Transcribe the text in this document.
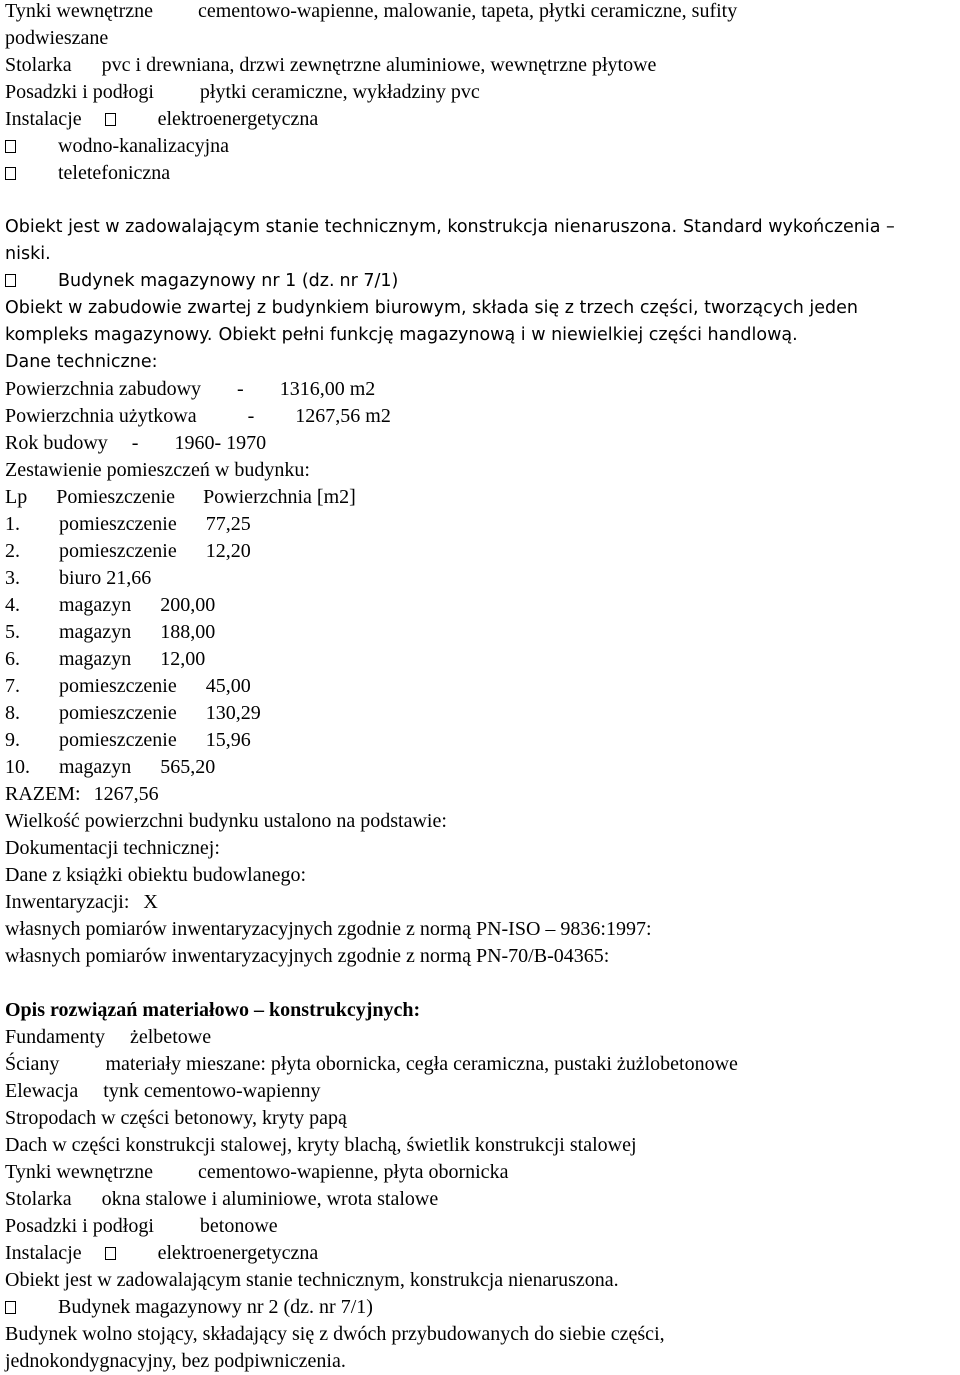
Tynki wewnętrzne cementowo-wapienne, malowanie, tapeta, płytki ceramiczne, sufity
podwieszane
Stolarka pvc i drewniana, drzwi zewnętrzne aluminiowe, wewnętrzne płytowe
Posadzki i podłogi płytki ceramiczne, wykładziny pvc
Instalacje	elektroenergetyczna
wodno-kanalizacyjna
teletefoniczna
Obiekt jest w zadowalającym stanie technicznym, konstrukcja nienaruszona. Standard wykończenia –
niski.
Budynek magazynowy nr 1 (dz. nr 7/1)
Obiekt w zabudowie zwartej z budynkiem biurowym, składa się z trzech części, tworzących jeden
kompleks magazynowy. Obiekt pełni funkcję magazynową i w niewielkiej części handlową.
Dane techniczne:
Powierzchnia zabudowy - 1316,00 m2
Powierzchnia użytkowa	- 1267,56 m2
Rok budowy - 1960- 1970
Zestawienie pomieszczeń w budynku:
Lp Pomieszczenie Powierzchnia [m2]
1. pomieszczenie 77,25
2. pomieszczenie 12,20
3. biuro 21,66
4. magazyn 200,00
5. magazyn 188,00
6. magazyn 12,00
7. pomieszczenie 45,00
8. pomieszczenie 130,29
9. pomieszczenie 15,96
10. magazyn 565,20
RAZEM: 1267,56
Wielkość powierzchni budynku ustalono na podstawie:
Dokumentacji technicznej:
Dane z książki obiektu budowlanego:
Inwentaryzacji: X
własnych pomiarów inwentaryzacyjnych zgodnie z normą PN-ISO – 9836:1997:
własnych pomiarów inwentaryzacyjnych zgodnie z normą PN-70/B-04365:
Opis rozwiązań materiałowo – konstrukcyjnych:
Fundamenty żelbetowe
Ściany materiały mieszane: płyta obornicka, cegła ceramiczna, pustaki żużlobetonowe
Elewacja tynk cementowo-wapienny
Stropodach w części betonowy, kryty papą
Dach w części konstrukcji stalowej, kryty blachą, świetlik konstrukcji stalowej
Tynki wewnętrzne cementowo-wapienne, płyta obornicka
Stolarka okna stalowe i aluminiowe, wrota stalowe
Posadzki i podłogi betonowe
Instalacje	elektroenergetyczna
Obiekt jest w zadowalającym stanie technicznym, konstrukcja nienaruszona.
Budynek magazynowy nr 2 (dz. nr 7/1)
Budynek wolno stojący, składający się z dwóch przybudowanych do siebie części,
jednokondygnacyjny, bez podpiwniczenia.
